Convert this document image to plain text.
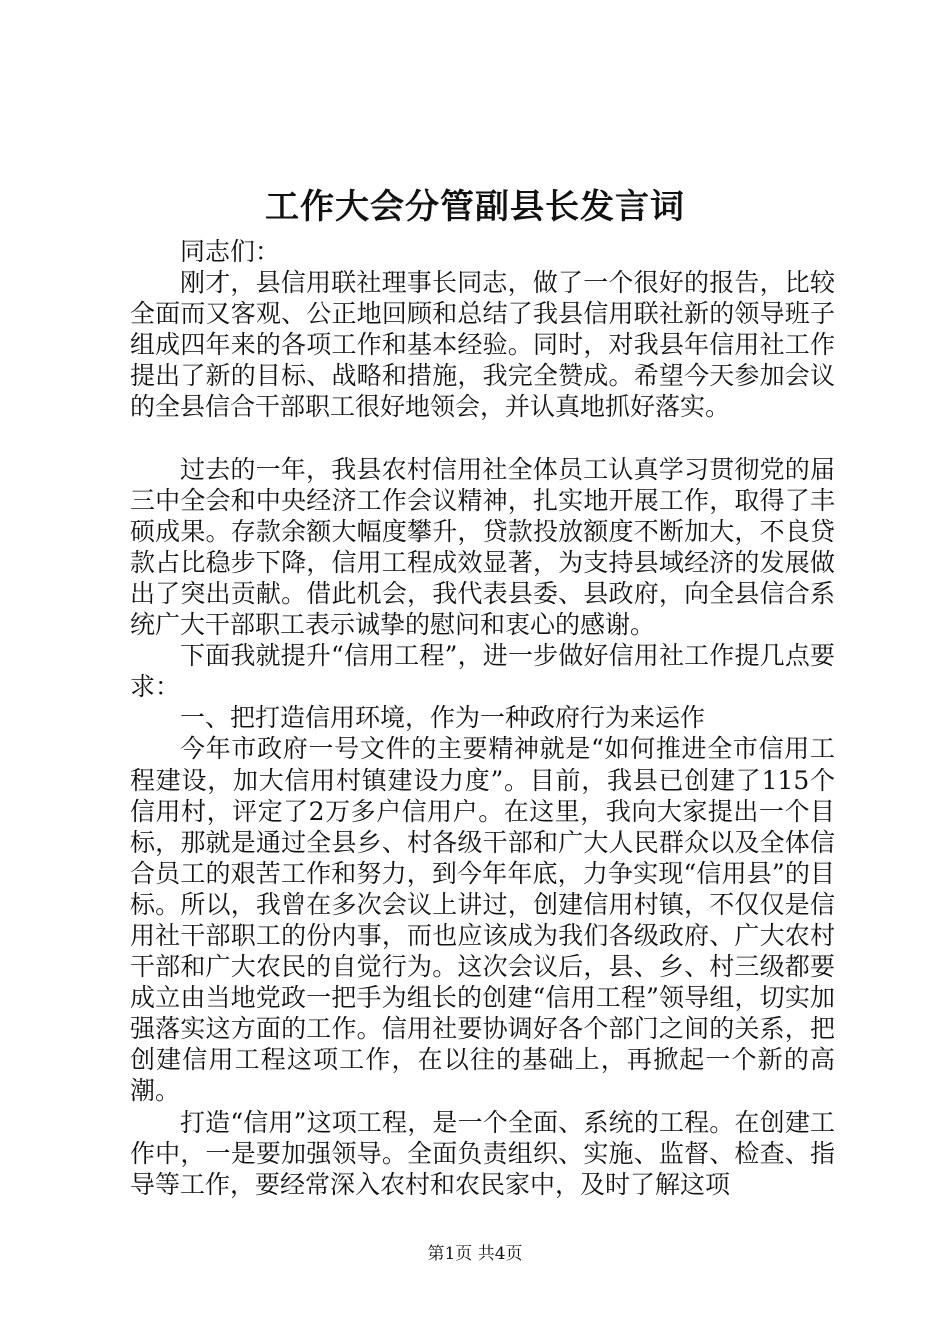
工作大会分管副县长发言词

同志们：

刚才，县信用联社理事长同志，做了一个很好的报告，比较全面而又客观、公正地回顾和总结了我县信用联社新的领导班子组成四年来的各项工作和基本经验。同时，对我县年信用社工作提出了新的目标、战略和措施，我完全赞成。希望今天参加会议的全县信合干部职工很好地领会，并认真地抓好落实。

过去的一年，我县农村信用社全体员工认真学习贯彻党的届三中全会和中央经济工作会议精神，扎实地开展工作，取得了丰硕成果。存款余额大幅度攀升，贷款投放额度不断加大，不良贷款占比稳步下降，信用工程成效显著，为支持县域经济的发展做出了突出贡献。借此机会，我代表县委、县政府，向全县信合系统广大干部职工表示诚挚的慰问和衷心的感谢。

下面我就提升“信用工程”，进一步做好信用社工作提几点要求：

一、把打造信用环境，作为一种政府行为来运作

今年市政府一号文件的主要精神就是“如何推进全市信用工程建设，加大信用村镇建设力度”。目前，我县已创建了115个信用村，评定了2万多户信用户。在这里，我向大家提出一个目标，那就是通过全县乡、村各级干部和广大人民群众以及全体信合员工的艰苦工作和努力，到今年年底，力争实现“信用县”的目标。所以，我曾在多次会议上讲过，创建信用村镇，不仅仅是信用社干部职工的份内事，而也应该成为我们各级政府、广大农村干部和广大农民的自觉行为。这次会议后，县、乡、村三级都要成立由当地党政一把手为组长的创建“信用工程”领导组，切实加强落实这方面的工作。信用社要协调好各个部门之间的关系，把创建信用工程这项工作，在以往的基础上，再掀起一个新的高潮。

打造“信用”这项工程，是一个全面、系统的工程。在创建工作中，一是要加强领导。全面负责组织、实施、监督、检查、指导等工作，要经常深入农村和农民家中，及时了解这项

第1页 共4页
